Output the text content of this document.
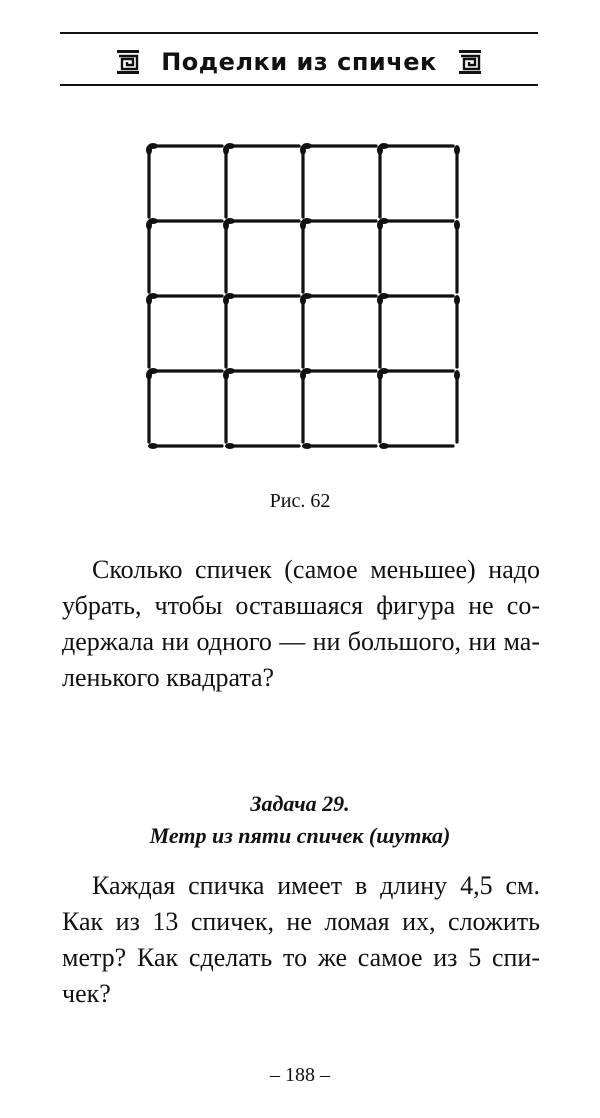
Поделки из спичек
Рис. 62
Сколько спичек (самое меньшее) надо
убрать, чтобы оставшаяся фигура не со-
держала ни одного — ни большого, ни ма-
ленького квадрата?
Задача 29.
Метр из пяти спичек (шутка)
Каждая спичка имеет в длину 4,5 см.
Как из 13 спичек, не ломая их, сложить
метр? Как сделать то же самое из 5 спи-
чек?
– 188 –
